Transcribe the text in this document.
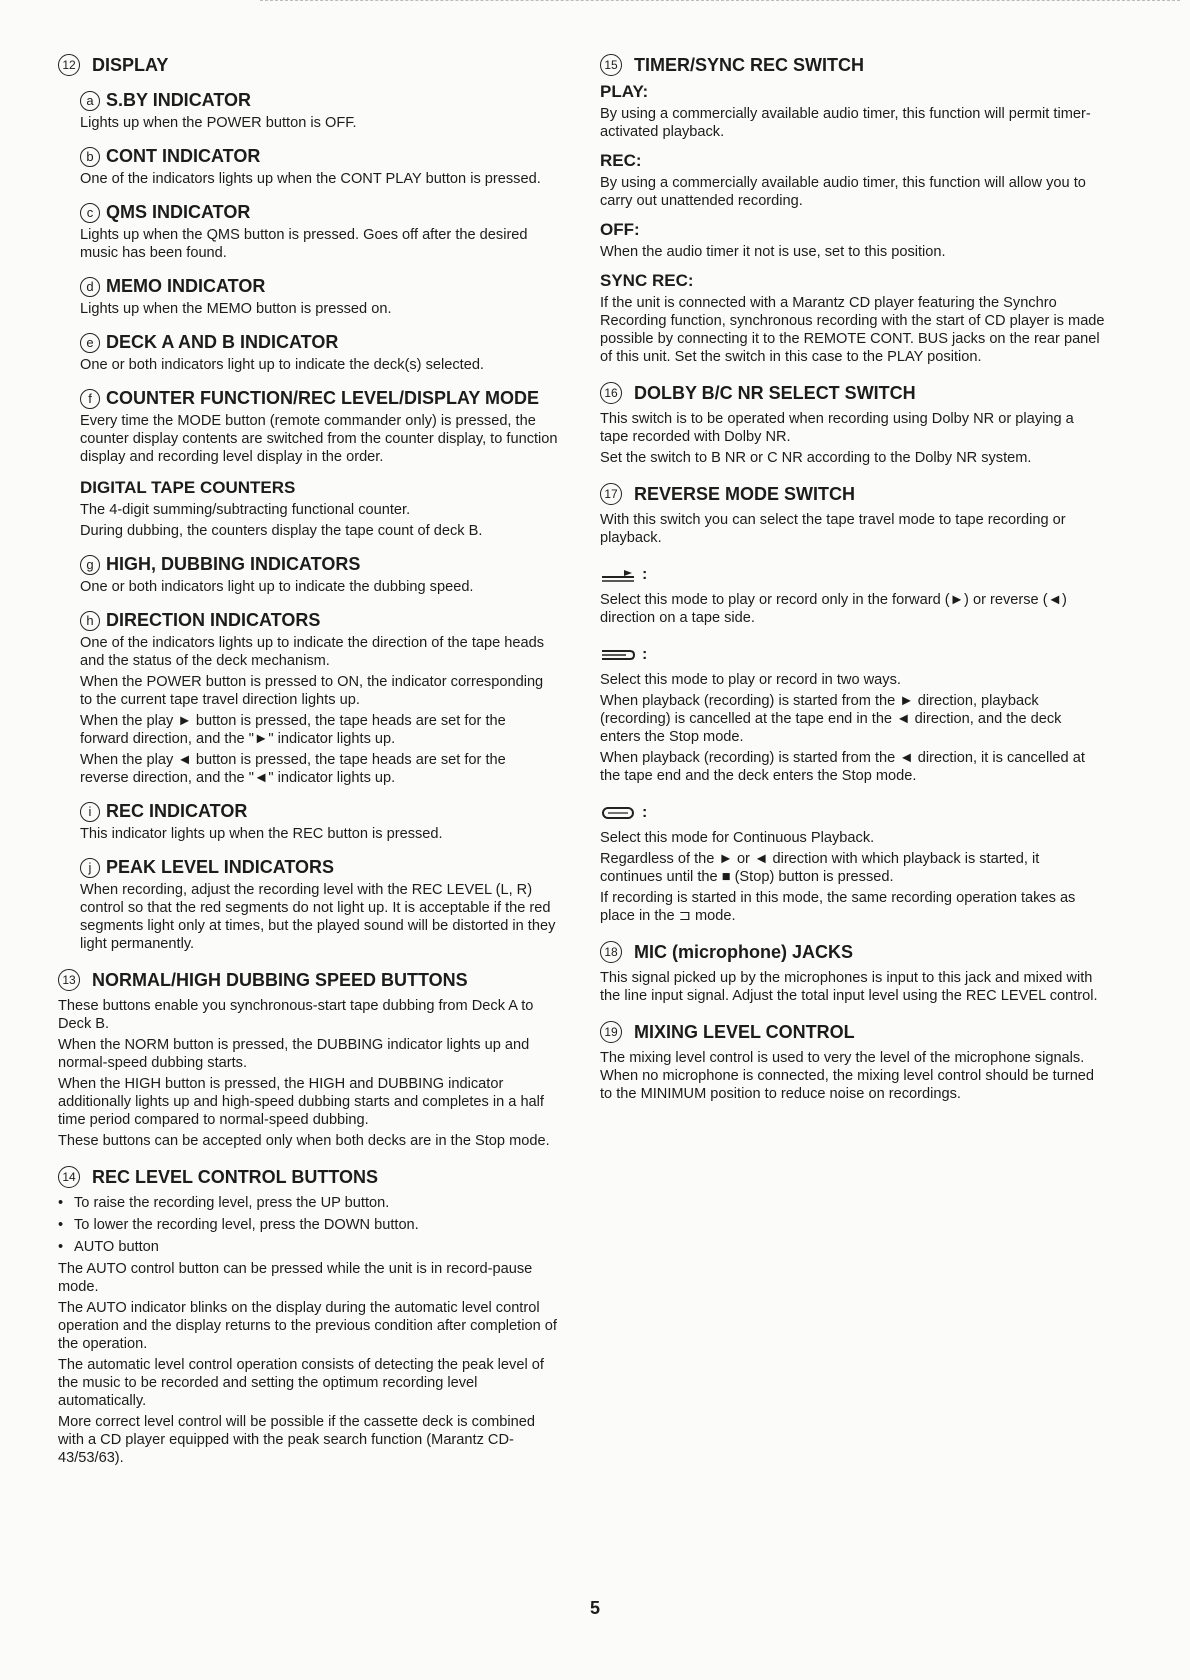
12 DISPLAY
a S.BY INDICATOR

Lights up when the POWER button is OFF.

b CONT INDICATOR

One of the indicators lights up when the CONT PLAY button is pressed.

c QMS INDICATOR

Lights up when the QMS button is pressed. Goes off after the desired music has been found.

d MEMO INDICATOR

Lights up when the MEMO button is pressed on.

e DECK A AND B INDICATOR

One or both indicators light up to indicate the deck(s) selected.

f COUNTER FUNCTION/REC LEVEL/DISPLAY MODE

Every time the MODE button (remote commander only) is pressed, the counter display contents are switched from the counter display, to function display and recording level display in the order.

DIGITAL TAPE COUNTERS

The 4-digit summing/subtracting functional counter.

During dubbing, the counters display the tape count of deck B.

g HIGH, DUBBING INDICATORS

One or both indicators light up to indicate the dubbing speed.

h DIRECTION INDICATORS

One of the indicators lights up to indicate the direction of the tape heads and the status of the deck mechanism.

When the POWER button is pressed to ON, the indicator corresponding to the current tape travel direction lights up.

When the play ► button is pressed, the tape heads are set for the forward direction, and the "►" indicator lights up.

When the play ◄ button is pressed, the tape heads are set for the reverse direction, and the "◄" indicator lights up.

i REC INDICATOR

This indicator lights up when the REC button is pressed.

j PEAK LEVEL INDICATORS

When recording, adjust the recording level with the REC LEVEL (L, R) control so that the red segments do not light up. It is acceptable if the red segments light only at times, but the played sound will be distorted in they light permanently.

13 NORMAL/HIGH DUBBING SPEED BUTTONS

These buttons enable you synchronous-start tape dubbing from Deck A to Deck B.

When the NORM button is pressed, the DUBBING indicator lights up and normal-speed dubbing starts.

When the HIGH button is pressed, the HIGH and DUBBING indicator additionally lights up and high-speed dubbing starts and completes in a half time period compared to normal-speed dubbing.

These buttons can be accepted only when both decks are in the Stop mode.

14 REC LEVEL CONTROL BUTTONS
• To raise the recording level, press the UP button.
• To lower the recording level, press the DOWN button.
• AUTO button

The AUTO control button can be pressed while the unit is in record-pause mode.

The AUTO indicator blinks on the display during the automatic level control operation and the display returns to the previous condition after completion of the operation.

The automatic level control operation consists of detecting the peak level of the music to be recorded and setting the optimum recording level automatically.

More correct level control will be possible if the cassette deck is combined with a CD player equipped with the peak search function (Marantz CD-43/53/63).

15 TIMER/SYNC REC SWITCH
PLAY:

By using a commercially available audio timer, this function will permit timer-activated playback.

REC:

By using a commercially available audio timer, this function will allow you to carry out unattended recording.

OFF:

When the audio timer it not is use, set to this position.

SYNC REC:

If the unit is connected with a Marantz CD player featuring the Synchro Recording function, synchronous recording with the start of CD player is made possible by connecting it to the REMOTE CONT. BUS jacks on the rear panel of this unit. Set the switch in this case to the PLAY position.

16 DOLBY B/C NR SELECT SWITCH

This switch is to be operated when recording using Dolby NR or playing a tape recorded with Dolby NR.

Set the switch to B NR or C NR according to the Dolby NR system.

17 REVERSE MODE SWITCH

With this switch you can select the tape travel mode to tape recording or playback.

:

Select this mode to play or record only in the forward (►) or reverse (◄) direction on a tape side.

:

Select this mode to play or record in two ways.

When playback (recording) is started from the ► direction, playback (recording) is cancelled at the tape end in the ◄ direction, and the deck enters the Stop mode.

When playback (recording) is started from the ◄ direction, it is cancelled at the tape end and the deck enters the Stop mode.

:

Select this mode for Continuous Playback.

Regardless of the ► or ◄ direction with which playback is started, it continues until the ■ (Stop) button is pressed.

If recording is started in this mode, the same recording operation takes as place in the ⊐ mode.

18 MIC (microphone) JACKS

This signal picked up by the microphones is input to this jack and mixed with the line input signal. Adjust the total input level using the REC LEVEL control.

19 MIXING LEVEL CONTROL

The mixing level control is used to very the level of the microphone signals. When no microphone is connected, the mixing level control should be turned to the MINIMUM position to reduce noise on recordings.

5
